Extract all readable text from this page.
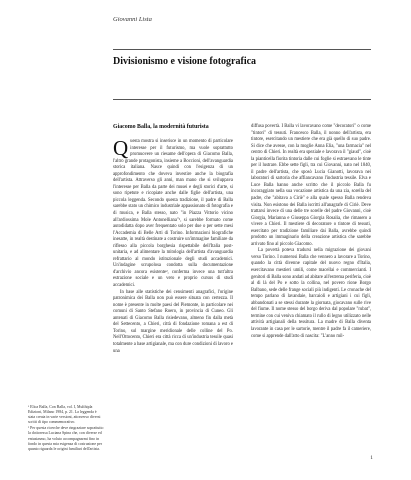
Giovanni Lista
Divisionismo e visione fotografica
Giacomo Balla, la modernità futurista

Questa mostra si inserisce in un momento di particolare interesse per il futurismo, ma vuole soprattutto promuovere un riesame dell'opera di Giacomo Balla, l'altro grande protagonista, insieme a Boccioni, dell'avanguardia storica italiana. Nasce quindi con l'esigenza di un approfondimento che doveva investire anche la biografia dell'artista. Attraverso gli anni, man mano che si sviluppava l'interesse per Balla da parte dei musei e degli storici d'arte, si sono ripetute e ricopiate anche dalle figlie dell'artista, una piccola leggenda. Secondo questa tradizione, il padre di Balla sarebbe stato un chimico industriale appassionato di fotografia e di musica, e Balla stesso, nato "in Piazza Vittorio vicino all'ardiossima Mole Antonelliana"¹, si sarebbe formato come autodidatta dopo aver frequentato solo per due o per sette mesi l'Accademia di Belle Arti di Torino. Informazioni biografiche inesatte, in realtà destinate a costruire un'immagine familiare da riflesso alla piccola borghesia rispettabile dell'Italia post-unitaria, e ad alimentare la mitologia dell'artista d'avanguardia refrattario al mondo istituzionale degli studi accademici. Un'indagine scrupolosa condotta sulla documentazione d'archivio ancora esistente², conferma invece una tutt'altra estrazione sociale e un vero e proprio cursus di studi accademici.

In base alle statistiche dei censimenti anagrafici, l'origine patronimica dei Balla non può essere situata con certezza. Il nome è presente in molte paesi del Piemonte, in particolare nei comuni di Santo Stefano Roero, in provincia di Cuneo. Gli antenati di Giacomo Balla risiedevano, almeno fin dalla metà del Settecento, a Chieri, città di fondazione romana a est di Torino, sul margine meridionale delle colline del Po. Nell'Ottocento, Chieri era città ricca di un'industria tessile quasi totalmente a base artigianale, ma con dure condizioni di lavoro e una

diffusa povertà. I Balla vi lavoravano come "decoratori" o come "tintori" di tessuti. Francesco Balla, il nonno dell'artista, era tintore, esercitando un mestiere che era già quello di suo padre. Si dice che avesse, con la moglie Anna Elia, "una farmacia" nel centro di Chieri. In realtà era speziale e lavorava il "giaud", cioè la pianticella fiorita tintoria dalle cui foglie si estraevano le tinte per il lustrare. Ebbe sette figli, tra cui Giovanni, nato nel 1840, il padre dell'artista, che sposò Lucia Gianotti, lavorava nei laboratori di sartoria che affiancavano l'industria tessile. Elva e Luce Balla hanno anche scritto che il piccolo Balla fu incoraggiato nella sua vocazione artistica da una zia, sorella del padre, che "abitava a Ciriè" e alla quale spesso Balla rendeva visita. Non esistono dei Balla iscritti all'anagrafe di Ciriè. Deve trattarsi invece di una delle tre sorelle del padre Giovanni, cioè Giorgia, Marianna e Giuseppa Giorgia Rosalia, che rimasero a vivere a Chieri. Il mestiere di decoratore o tintore di tessuti, esercitato per tradizione familiare dai Balla, avrebbe quindi prodotto un immaginario della creazione artistica che sarebbe arrivato fino al piccolo Giacomo.

La povertà poteva tradursi nella migrazione dei giovani verso Torino. I numerosi Balla che vennero a lavorare a Torino, quando la città divenne capitale del nuovo regno d'Italia, esercitavano mestieri umili, come macellai e commercianti. I genitori di Balla sono andati ad abitare all'estrema periferia, cioè al di là del Po e sotto la collina, nel povero rione Borgo Balbano, sede delle frange sociali più indigenti. Le cronache del tempo parlano di lavandaie, barcaioli e artigiani i cui figli, abbandonati a se stessi durante la giornata, giocavano sulle rive del fiume. Il nome stesso del borgo deriva dal popolare "rubat", termine con cui veniva chiamato il rullo di legno utilizzato nelle attività artigianali della tessitura. La madre di Balla diventa lavorante in casa per le sartorie, mentre il padre fa il cameriere, come si apprende dall'atto di nascita: "L'anno mil-

¹ Elica Balla, Con Balla, vol. I, Multhipla Edizioni, Milano 1984, p. 21. La leggenda è stata creata in varie versioni, attraverso diversi scritti di tipo commemorativo.

² Per questa ricerche deve ringraziare soprattutto la dottoressa Luciana Spina che, con diverse ed entusiasmo, ha voluto accompagnarmi fino in fondo in questa mia esigenza di costruzione per quanto riguarda le origini familiari dell'artista.

1
